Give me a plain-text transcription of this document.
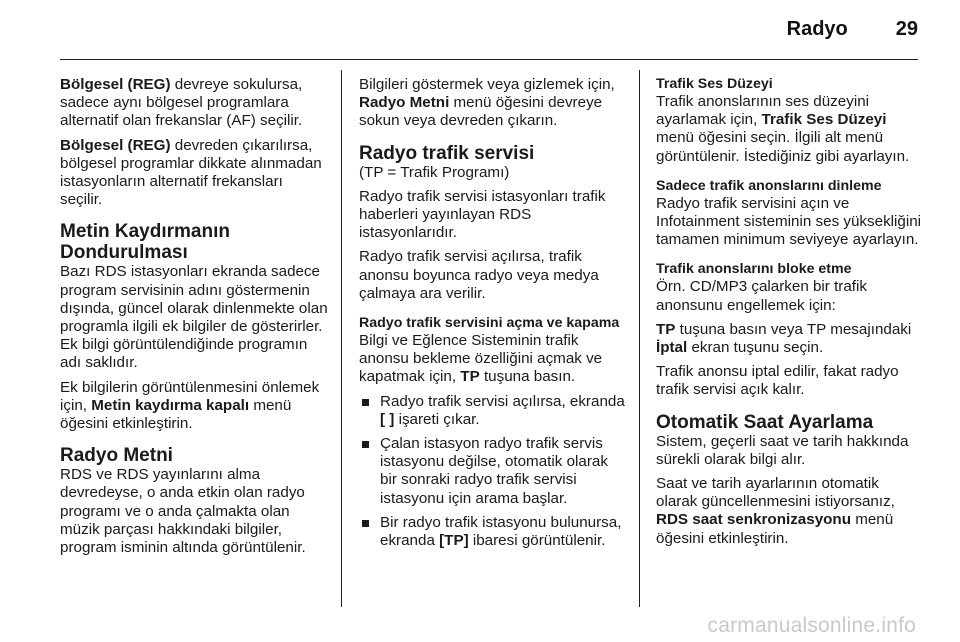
Radyo 29

Bölgesel (REG) devreye sokulursa, sadece aynı bölgesel programlara alternatif olan frekanslar (AF) seçilir.

Bölgesel (REG) devreden çıkarılırsa, bölgesel programlar dikkate alınmadan istasyonların alternatif frekansları seçilir.

Metin Kaydırmanın Dondurulması

Bazı RDS istasyonları ekranda sadece program servisinin adını göstermenin dışında, güncel olarak dinlenmekte olan programla ilgili ek bilgiler de gösterirler. Ek bilgi görüntülendiğinde programın adı saklıdır.

Ek bilgilerin görüntülenmesini önlemek için, Metin kaydırma kapalı menü öğesini etkinleştirin.

Radyo Metni

RDS ve RDS yayınlarını alma devredeyse, o anda etkin olan radyo programı ve o anda çalmakta olan müzik parçası hakkındaki bilgiler, program isminin altında görüntülenir.

Bilgileri göstermek veya gizlemek için, Radyo Metni menü öğesini devreye sokun veya devreden çıkarın.

Radyo trafik servisi

(TP = Trafik Programı)

Radyo trafik servisi istasyonları trafik haberleri yayınlayan RDS istasyonlarıdır.

Radyo trafik servisi açılırsa, trafik anonsu boyunca radyo veya medya çalmaya ara verilir.

Radyo trafik servisini açma ve kapama

Bilgi ve Eğlence Sisteminin trafik anonsu bekleme özelliğini açmak ve kapatmak için, TP tuşuna basın.

Radyo trafik servisi açılırsa, ekranda [ ] işareti çıkar.
Çalan istasyon radyo trafik servis istasyonu değilse, otomatik olarak bir sonraki radyo trafik servisi istasyonu için arama başlar.
Bir radyo trafik istasyonu bulunursa, ekranda [TP] ibaresi görüntülenir.
Trafik Ses Düzeyi

Trafik anonslarının ses düzeyini ayarlamak için, Trafik Ses Düzeyi menü öğesini seçin. İlgili alt menü görüntülenir. İstediğiniz gibi ayarlayın.

Sadece trafik anonslarını dinleme

Radyo trafik servisini açın ve Infotainment sisteminin ses yüksekliğini tamamen minimum seviyeye ayarlayın.

Trafik anonslarını bloke etme

Örn. CD/MP3 çalarken bir trafik anonsunu engellemek için:

TP tuşuna basın veya TP mesajındaki İptal ekran tuşunu seçin.

Trafik anonsu iptal edilir, fakat radyo trafik servisi açık kalır.

Otomatik Saat Ayarlama

Sistem, geçerli saat ve tarih hakkında sürekli olarak bilgi alır.

Saat ve tarih ayarlarının otomatik olarak güncellenmesini istiyorsanız, RDS saat senkronizasyonu menü öğesini etkinleştirin.

carmanualsonline.info
